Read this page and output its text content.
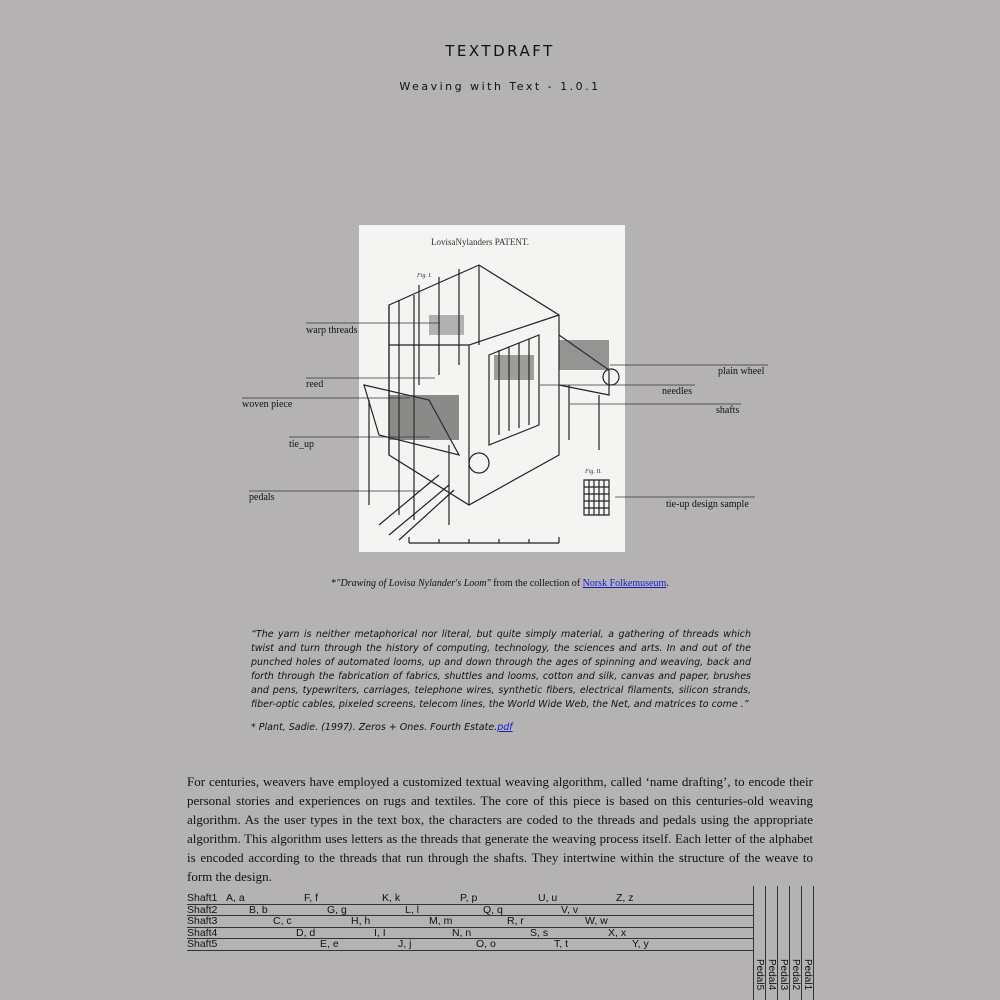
TEXTDRAFT
Weaving with Text - 1.0.1
LovisaNylanders PATENT.
Fig. I.
Fig. II.
warp threads
reed
woven piece
tie_up
pedals
plain wheel
needles
shafts
tie-up design sample
*"Drawing of Lovisa Nylander's Loom" from the collection of Norsk Folkemuseum.
“The yarn is neither metaphorical nor literal, but quite simply material, a gathering of threads which twist and turn through the history of computing, technology, the sciences and arts. In and out of the punched holes of automated looms, up and down through the ages of spinning and weaving, back and forth through the fabrication of fabrics, shuttles and looms, cotton and silk, canvas and paper, brushes and pens, typewriters, carriages, telephone wires, synthetic fibers, electrical filaments, silicon strands, fiber-optic cables, pixeled screens, telecom lines, the World Wide Web, the Net, and matrices to come .”
* Plant, Sadie. (1997). Zeros + Ones. Fourth Estate.pdf
For centuries, weavers have employed a customized textual weaving algorithm, called ‘name drafting’, to encode their personal stories and experiences on rugs and textiles. The core of this piece is based on this centuries-old weaving algorithm. As the user types in the text box, the characters are coded to the threads and pedals using the appropriate algorithm. This algorithm uses letters as the threads that generate the weaving process itself. Each letter of the alphabet is encoded according to the threads that run through the shafts. They intertwine within the structure of the weave to form the design.
Shaft1 A, a	F, f	K, k	P, p	U, u	Z, z
Shaft2	B, b	G, g	L, l	Q, q	V, v
Shaft3	C, c	H, h	M, m	R, r	W, w
Shaft4	D, d	I, I	N, n	S, s	X, x
Shaft5	E, e	J, j	O, o	T, t	Y, y
Pedal5 Pedal4 Pedal3 Pedal2 Pedal1
